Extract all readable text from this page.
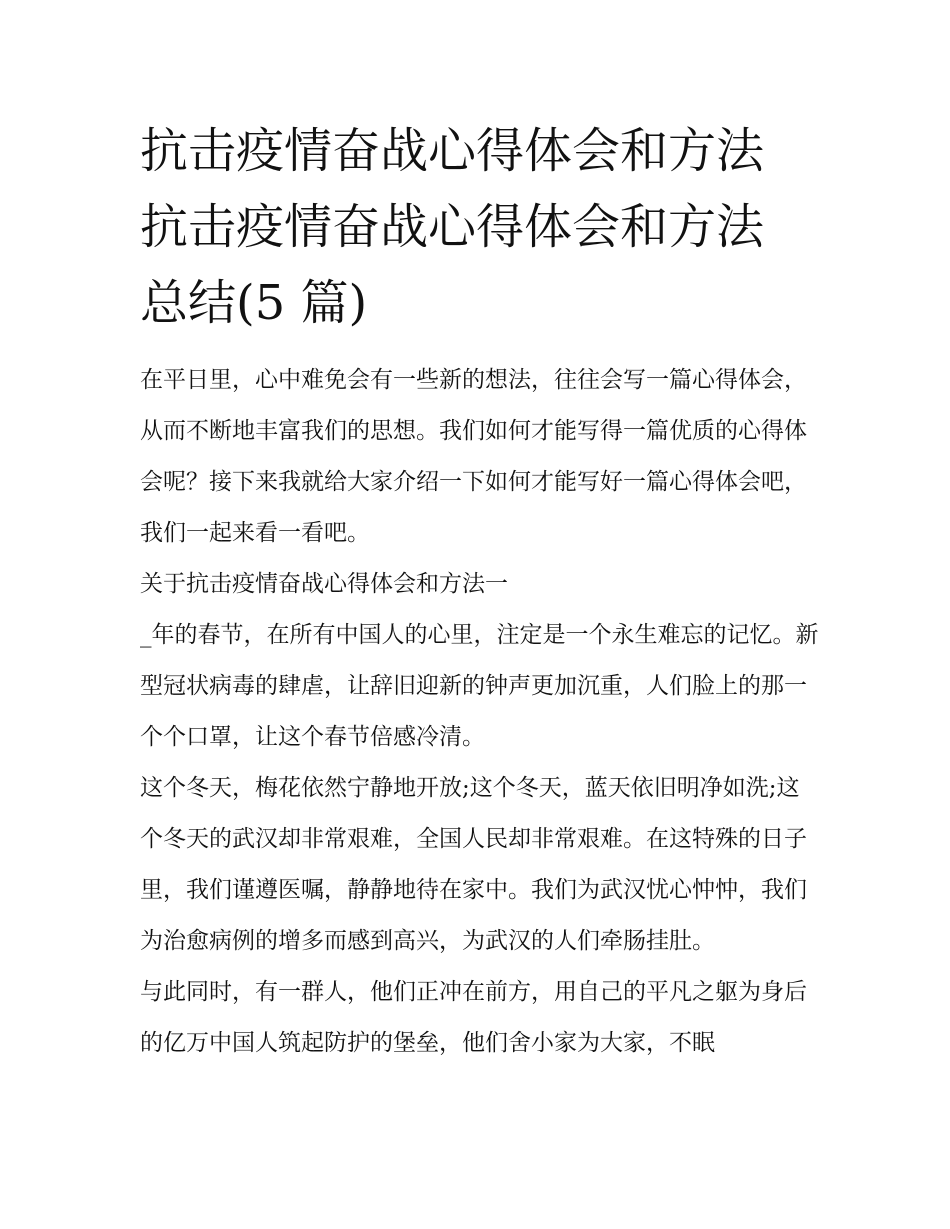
抗击疫情奋战心得体会和方法
抗击疫情奋战心得体会和方法
总结(5 篇)

在平日里，心中难免会有一些新的想法，往往会写一篇心得体会，从而不断地丰富我们的思想。我们如何才能写得一篇优质的心得体会呢？接下来我就给大家介绍一下如何才能写好一篇心得体会吧，我们一起来看一看吧。

关于抗击疫情奋战心得体会和方法一

_年的春节，在所有中国人的心里，注定是一个永生难忘的记忆。新型冠状病毒的肆虐，让辞旧迎新的钟声更加沉重，人们脸上的那一个个口罩，让这个春节倍感冷清。

这个冬天，梅花依然宁静地开放;这个冬天，蓝天依旧明净如洗;这个冬天的武汉却非常艰难，全国人民却非常艰难。在这特殊的日子里，我们谨遵医嘱，静静地待在家中。我们为武汉忧心忡忡，我们为治愈病例的增多而感到高兴，为武汉的人们牵肠挂肚。

与此同时，有一群人，他们正冲在前方，用自己的平凡之躯为身后的亿万中国人筑起防护的堡垒，他们舍小家为大家，不眠
